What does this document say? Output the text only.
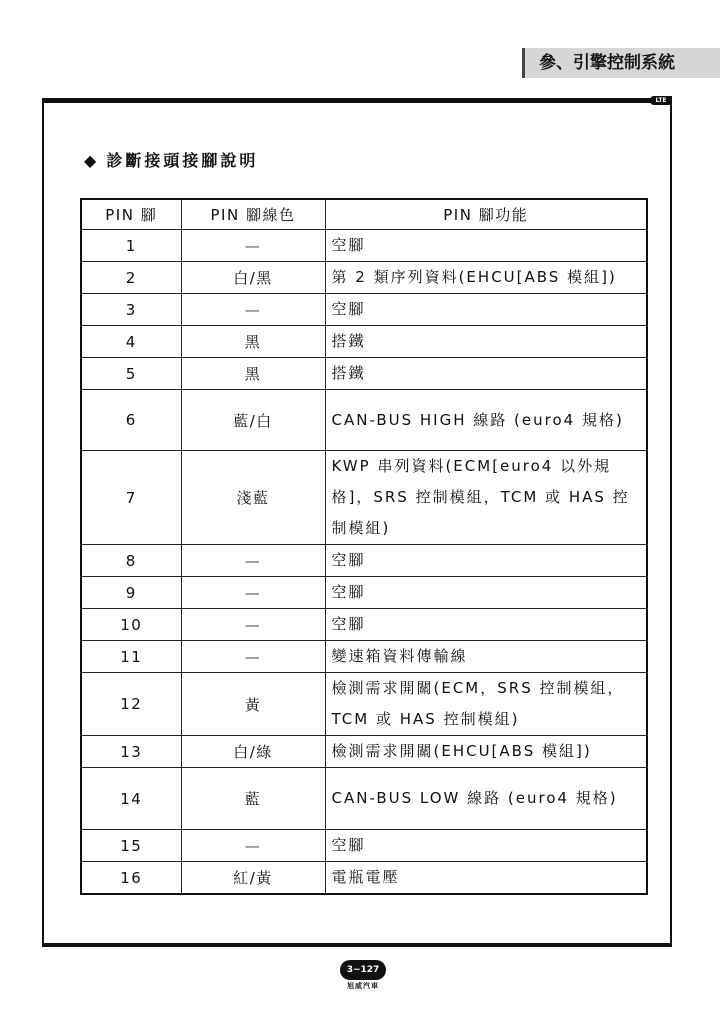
參、引擎控制系統
LTE
◆ 診斷接頭接腳說明
PIN 腳	PIN 腳線色	PIN 腳功能
1	—	空腳
2	白/黑	第 2 類序列資料(EHCU[ABS 模組])
3	—	空腳
4	黑	搭鐵
5	黑	搭鐵
6	藍/白	CAN-BUS HIGH 線路 (euro4 規格)
7	淺藍	KWP 串列資料(ECM[euro4 以外規格]，SRS 控制模組，TCM 或 HAS 控制模組)
8	—	空腳
9	—	空腳
10	—	空腳
11	—	變速箱資料傳輸線
12	黃	檢測需求開關(ECM，SRS 控制模組，TCM 或 HAS 控制模組)
13	白/綠	檢測需求開關(EHCU[ABS 模組])
14	藍	CAN-BUS LOW 線路 (euro4 規格)
15	—	空腳
16	紅/黃	電瓶電壓
3~127
旭威汽車
